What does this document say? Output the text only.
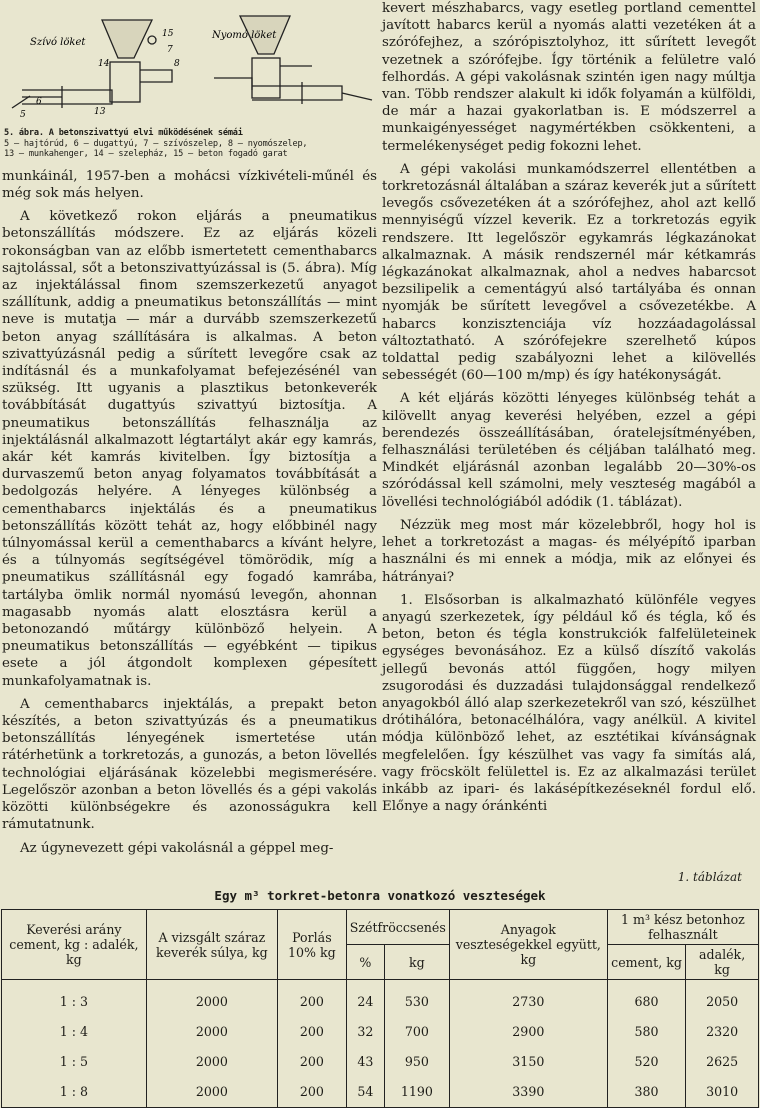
Szívó löket
Nyomó löket
5
6
13
14
15
7
8
5. ábra. A betonszivattyú elvi működésének sémái
5 — hajtórúd, 6 — dugattyú, 7 — szívószelep, 8 — nyomószelep,
13 — munkahenger, 14 — szelepház, 15 — beton fogadó garat

munkáinál, 1957-ben a mohácsi vízkivételi-műnél és még sok más helyen.

A következő rokon eljárás a pneumatikus betonszállítás módszere. Ez az eljárás közeli rokonságban van az előbb ismertetett cementhabarcs sajtolással, sőt a betonszivattyúzással is (5. ábra). Míg az injektálással finom szemszerkezetű anyagot szállítunk, addig a pneumatikus betonszállítás — mint neve is mutatja — már a durvább szemszerkezetű beton anyag szállítására is alkalmas. A beton szivattyúzásnál pedig a sűrített levegőre csak az indításnál és a munkafolyamat befejezésénél van szükség. Itt ugyanis a plasztikus betonkeverék továbbítását dugattyús szivattyú biztosítja. A pneumatikus betonszállítás felhasználja az injektálásnál alkalmazott légtartályt akár egy kamrás, akár két kamrás kivitelben. Így biztosítja a durvaszemű beton anyag folyamatos továbbítását a bedolgozás helyére. A lényeges különbség a cementhabarcs injektálás és a pneumatikus betonszállítás között tehát az, hogy előbbinél nagy túlnyomással kerül a cementhabarcs a kívánt helyre, és a túlnyomás segítségével tömörödik, míg a pneumatikus szállításnál egy fogadó kamrába, tartályba ömlik normál nyomású levegőn, ahonnan magasabb nyomás alatt elosztásra kerül a betonozandó műtárgy különböző helyein. A pneumatikus betonszállítás — egyébként — tipikus esete a jól átgondolt komplexen gépesített munkafolyamatnak is.

A cementhabarcs injektálás, a prepakt beton készítés, a beton szivattyúzás és a pneumatikus betonszállítás lényegének ismertetése után rátérhetünk a torkretozás, a gunozás, a beton lövellés technológiai eljárásának közelebbi megismerésére. Legelőször azonban a beton lövellés és a gépi vakolás közötti különbségekre és azonosságukra kell rámutatnunk.

Az úgynevezett gépi vakolásnál a géppel meg-

kevert mészhabarcs, vagy esetleg portland cementtel javított habarcs kerül a nyomás alatti vezetéken át a szórófejhez, a szórópisztolyhoz, itt sűrített levegőt vezetnek a szórófejbe. Így történik a felületre való felhordás. A gépi vakolásnak szintén igen nagy múltja van. Több rendszer alakult ki idők folyamán a külföldi, de már a hazai gyakorlatban is. E módszerrel a munkaigényességet nagymértékben csökkenteni, a termelékenységet pedig fokozni lehet.

A gépi vakolási munkamódszerrel ellentétben a torkretozásnál általában a száraz keverék jut a sűrített levegős csővezetéken át a szórófejhez, ahol azt kellő mennyiségű vízzel keverik. Ez a torkretozás egyik rendszere. Itt legelőször egykamrás légkazánokat alkalmaznak. A másik rendszernél már kétkamrás légkazánokat alkalmaznak, ahol a nedves habarcsot bezsilipelik a cementágyú alsó tartályába és onnan nyomják be sűrített levegővel a csővezetékbe. A habarcs konzisztenciája víz hozzáadagolással változtatható. A szórófejekre szerelhető kúpos toldattal pedig szabályozni lehet a kilövellés sebességét (60—100 m/mp) és így hatékonyságát.

A két eljárás közötti lényeges különbség tehát a kilövellt anyag keverési helyében, ezzel a gépi berendezés összeállításában, óratelejsítményében, felhasználási területében és céljában található meg. Mindkét eljárásnál azonban legalább 20—30%-os szóródással kell számolni, mely veszteség magából a lövellési technológiából adódik (1. táblázat).

Nézzük meg most már közelebbről, hogy hol is lehet a torkretozást a magas- és mélyépítő iparban használni és mi ennek a módja, mik az előnyei és hátrányai?

1. Elsősorban is alkalmazható különféle vegyes anyagú szerkezetek, így például kő és tégla, kő és beton, beton és tégla konstrukciók falfelületeinek egységes bevonásához. Ez a külső díszítő vakolás jellegű bevonás attól függően, hogy milyen zsugorodási és duzzadási tulajdonsággal rendelkező anyagokból álló alap szerkezetekről van szó, készülhet drótihálóra, betonacélhálóra, vagy anélkül. A kivitel módja különböző lehet, az esztétikai kívánságnak megfelelően. Így készülhet vas vagy fa simítás alá, vagy fröcskölt felülettel is. Ez az alkalmazási terület inkább az ipari- és lakásépítkezéseknél fordul elő. Előnye a nagy óránkénti

1. táblázat
Egy m³ torkret-betonra vonatkozó veszteségek
Keverési arány cement, kg : adalék, kg	A vizsgált száraz keverék súlya, kg	Porlás 10% kg	Szétfröccsenés		Anyagok veszteségekkel együtt, kg	1 m³ kész betonhoz felhasznált	
			%	kg		cement, kg	adalék, kg
1 : 3	2000	200	24	530	2730	680	2050
1 : 4	2000	200	32	700	2900	580	2320
1 : 5	2000	200	43	950	3150	520	2625
1 : 8	2000	200	54	1190	3390	380	3010
